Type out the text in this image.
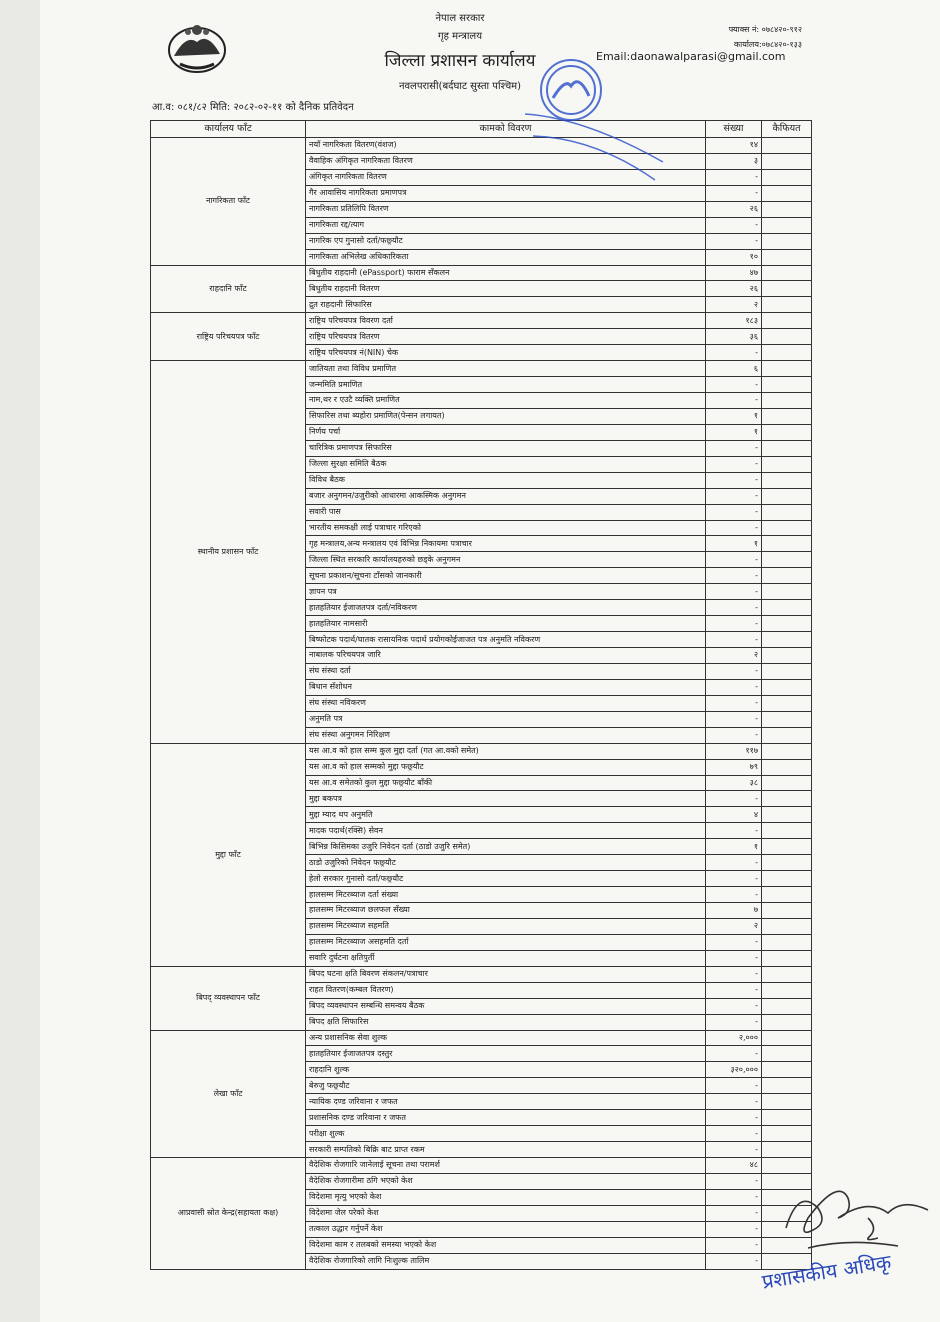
नेपाल सरकार
गृह मन्त्रालय
जिल्ला प्रशासन कार्यालय
नवलपरासी(बर्दघाट सुस्ता पश्चिम)
फ्याक्स नं: ०७८४२०-९१२
कार्यालय:०७८४२०-१३३
Email:daonawalparasi@gmail.com
आ.व: ०८१/८२ मिति: २०८२-०२-११ को दैनिक प्रतिवेदन
कार्यालय फाँट	कामको विवरण	संख्या	कैफियत
नागरिकता फाँट	नयाँ नागरिकता वितरण(वंशज)	१४	
	वैवाहिक अंगिकृत नागरिकता वितरण	३	
	अंगिकृत नागरिकता वितरण	-	
	गैर आवासिय नागरिकता प्रमाणपत्र	-	
	नागरिकता प्रतिलिपि वितरण	२६	
	नागरिकता रद्द/त्याग	-	
	नागरिक एप गुनासो दर्ता/फछ्र्यौट	-	
	नागरिकता अभिलेख अधिकारिकता	१०	
राहदानि फाँट	बिधुतीय राहदानी (ePassport) फाराम सँकलन	४७	
	बिधुतीय राहदानी वितरण	२६	
	द्रुत राहदानी सिफारिस	२	
राष्ट्रिय परिचयपत्र फाँट	राष्ट्रिय परिचयपत्र विवरण दर्ता	१८३	
	राष्ट्रिय परिचयपत्र वितरण	३६	
	राष्ट्रिय परिचयपत्र नं(NIN) चेक	-	
स्थानीय प्रशासन फाँट	जातियता तथा विविध प्रमाणित	६	
	जन्ममिति प्रमाणित	-	
	नाम,थर र एउटै व्यक्ति प्रमाणित	-	
	सिफारिस तथा ब्यहोरा प्रमाणित(पेन्सन लगायत)	१	
	निर्णय पर्चा	१	
	चारित्रिक प्रमाणपत्र सिफारिस	-	
	जिल्ला सुरक्षा समिति बैठक	-	
	विविध बैठक	-	
	बजार अनुगमन/उजुरीको आधारमा आकस्मिक अनुगमन	-	
	सवारी पास	-	
	भारतीय समकक्षी लाई पत्राचार गरिएको	-	
	गृह मन्त्रालय,अन्य मन्त्रालय एवं विभिन्न निकायमा पत्राचार	१	
	जिल्ला स्थित सरकारि कार्यालयहरुको छड्के अनुगमन	-	
	सूचना प्रकाशन/सूचना टाँसको जानकारी	-	
	ज्ञापन पत्र	-	
	हातहतियार ईजाजतपत्र दर्ता/नविकरण	-	
	हातहतियार नामसारी	-	
	बिष्फोटक पदार्थ/घातक रासायनिक पदार्थ प्रयोगकोईजाजत पत्र अनुमति नविकरण	-	
	नाबालक परिचयपत्र जारि	२	
	संघ संस्था दर्ता	-	
	बिधान सँशोधन	-	
	संघ संस्था नविकरण	-	
	अनुमति पत्र	-	
	संघ संस्था अनुगमन निरिक्षण	-	
मुद्दा फाँट	यस आ.व को हाल सम्म कुल मुद्दा दर्ता (गत आ.वको समेत)	११७	
	यस आ.व को हाल सम्मको मुद्दा फछ्र्यौट	७९	
	यस आ.व समेतको कुल मुद्दा फछ्र्यौट बाँकी	३८	
	मुद्दा बकपत्र	-	
	मुद्दा म्याद थप अनुमति	४	
	मादक पदार्थ(रक्सि) सेवन	-	
	बिभिन्न किसिमका उजुरि निवेदन दर्ता (ठाडो उजुरि समेत)	१	
	ठाडो उजुरिको निवेदन फछ्र्यौट	-	
	हेलो सरकार गुनासो दर्ता/फछ्र्यौट	-	
	हालसम्म मिटरब्याज दर्ता संख्या	-	
	हालसम्म मिटरब्याज छलफल सँख्या	७	
	हालसम्म मिटरब्याज सहमति	२	
	हालसम्म मिटरब्याज असहमति दर्ता	-	
	सवारि दुर्घटना क्षतिपुर्ती	-	
बिपद् व्यवस्थापन फाँट	बिपद घटना क्षति बिवरण संकलन/पत्राचार	-	
	राहत वितरण(कम्बल वितरण)	-	
	बिपद व्यवस्थापन सम्बन्धि समन्वय बैठक	-	
	बिपद क्षति सिफारिस	-	
लेखा फाँट	अन्य प्रशासनिक सेवा शुल्क	२,०००	
	हातहतियार ईजाजतपत्र दस्तुर	-	
	राहदानि शुल्क	३२०,०००	
	बेरुजु फछ्र्यौट	-	
	न्यायिक दण्ड जरिवाना र जफत	-	
	प्रशासनिक दण्ड जरिवाना र जफत	-	
	परीक्षा शुल्क	-	
	सरकारी सम्पतिको बिक्रि बाट प्राप्त रकम	-	
आप्रवासी स्रोत केन्द्र(सहायता कक्ष)	वैदेशिक रोजगारि जानेलाई सूचना तथा परामर्श	४८	
	वैदेशिक रोजगारीमा ठगि भएको केश	-	
	विदेशमा मृत्यु भएको केश	-	
	विदेशमा जेल परेको केश	-	
	तत्काल उद्धार गर्नुपर्ने केश	-	
	विदेशमा काम र तलबको समस्या भएको केश	-	
	वैदेशिक रोजगारिको लागि निःशुल्क तालिम	-	प्रशासकीय अधिकृ
